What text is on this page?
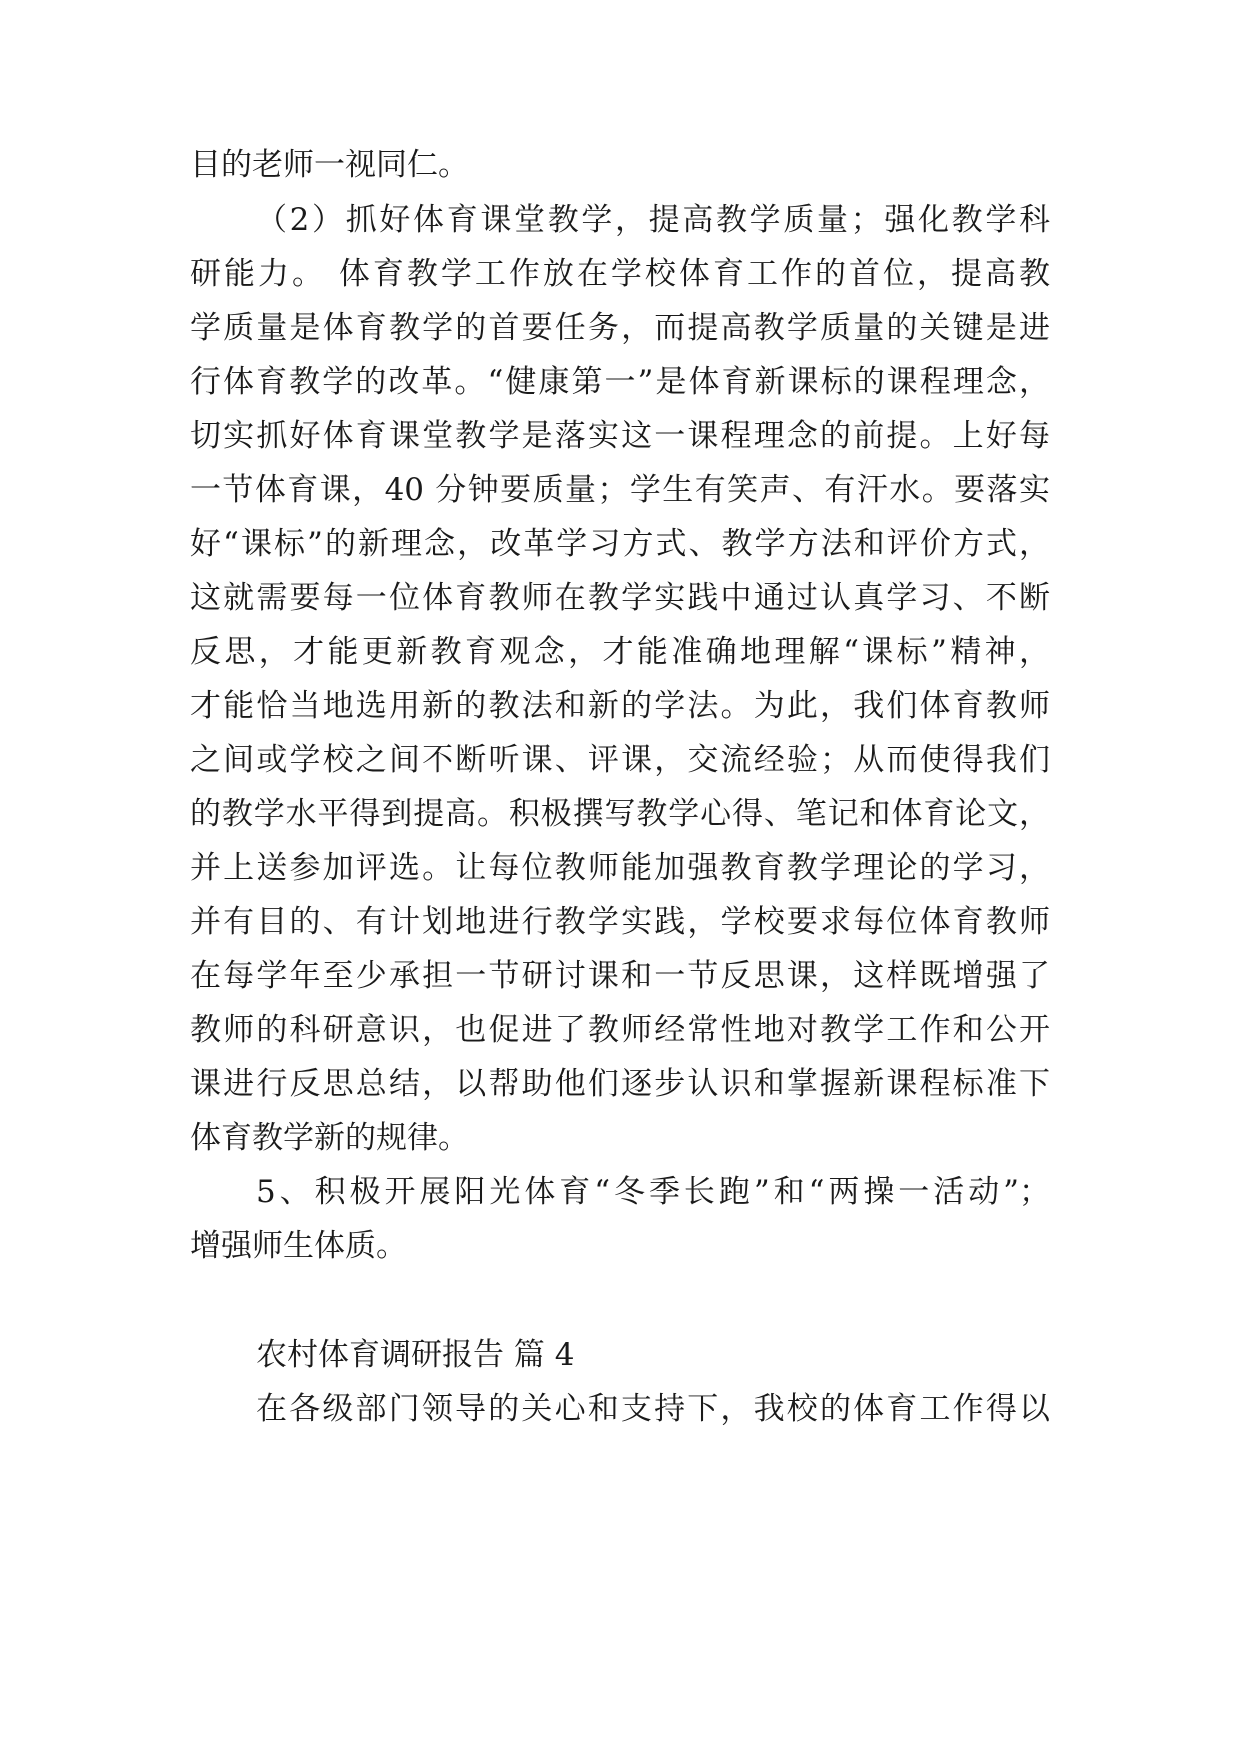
目的老师一视同仁。
（2）抓好体育课堂教学，提高教学质量；强化教学科
研能力。 体育教学工作放在学校体育工作的首位，提高教
学质量是体育教学的首要任务，而提高教学质量的关键是进
行体育教学的改革。“健康第一”是体育新课标的课程理念，
切实抓好体育课堂教学是落实这一课程理念的前提。上好每
一节体育课，40 分钟要质量；学生有笑声、有汗水。要落实
好“课标”的新理念，改革学习方式、教学方法和评价方式，
这就需要每一位体育教师在教学实践中通过认真学习、不断
反思，才能更新教育观念，才能准确地理解“课标”精神，
才能恰当地选用新的教法和新的学法。为此，我们体育教师
之间或学校之间不断听课、评课，交流经验；从而使得我们
的教学水平得到提高。积极撰写教学心得、笔记和体育论文，
并上送参加评选。让每位教师能加强教育教学理论的学习，
并有目的、有计划地进行教学实践，学校要求每位体育教师
在每学年至少承担一节研讨课和一节反思课，这样既增强了
教师的科研意识，也促进了教师经常性地对教学工作和公开
课进行反思总结，以帮助他们逐步认识和掌握新课程标准下
体育教学新的规律。
5、积极开展阳光体育“冬季长跑”和“两操一活动”；
增强师生体质。
农村体育调研报告 篇 4
在各级部门领导的关心和支持下，我校的体育工作得以
